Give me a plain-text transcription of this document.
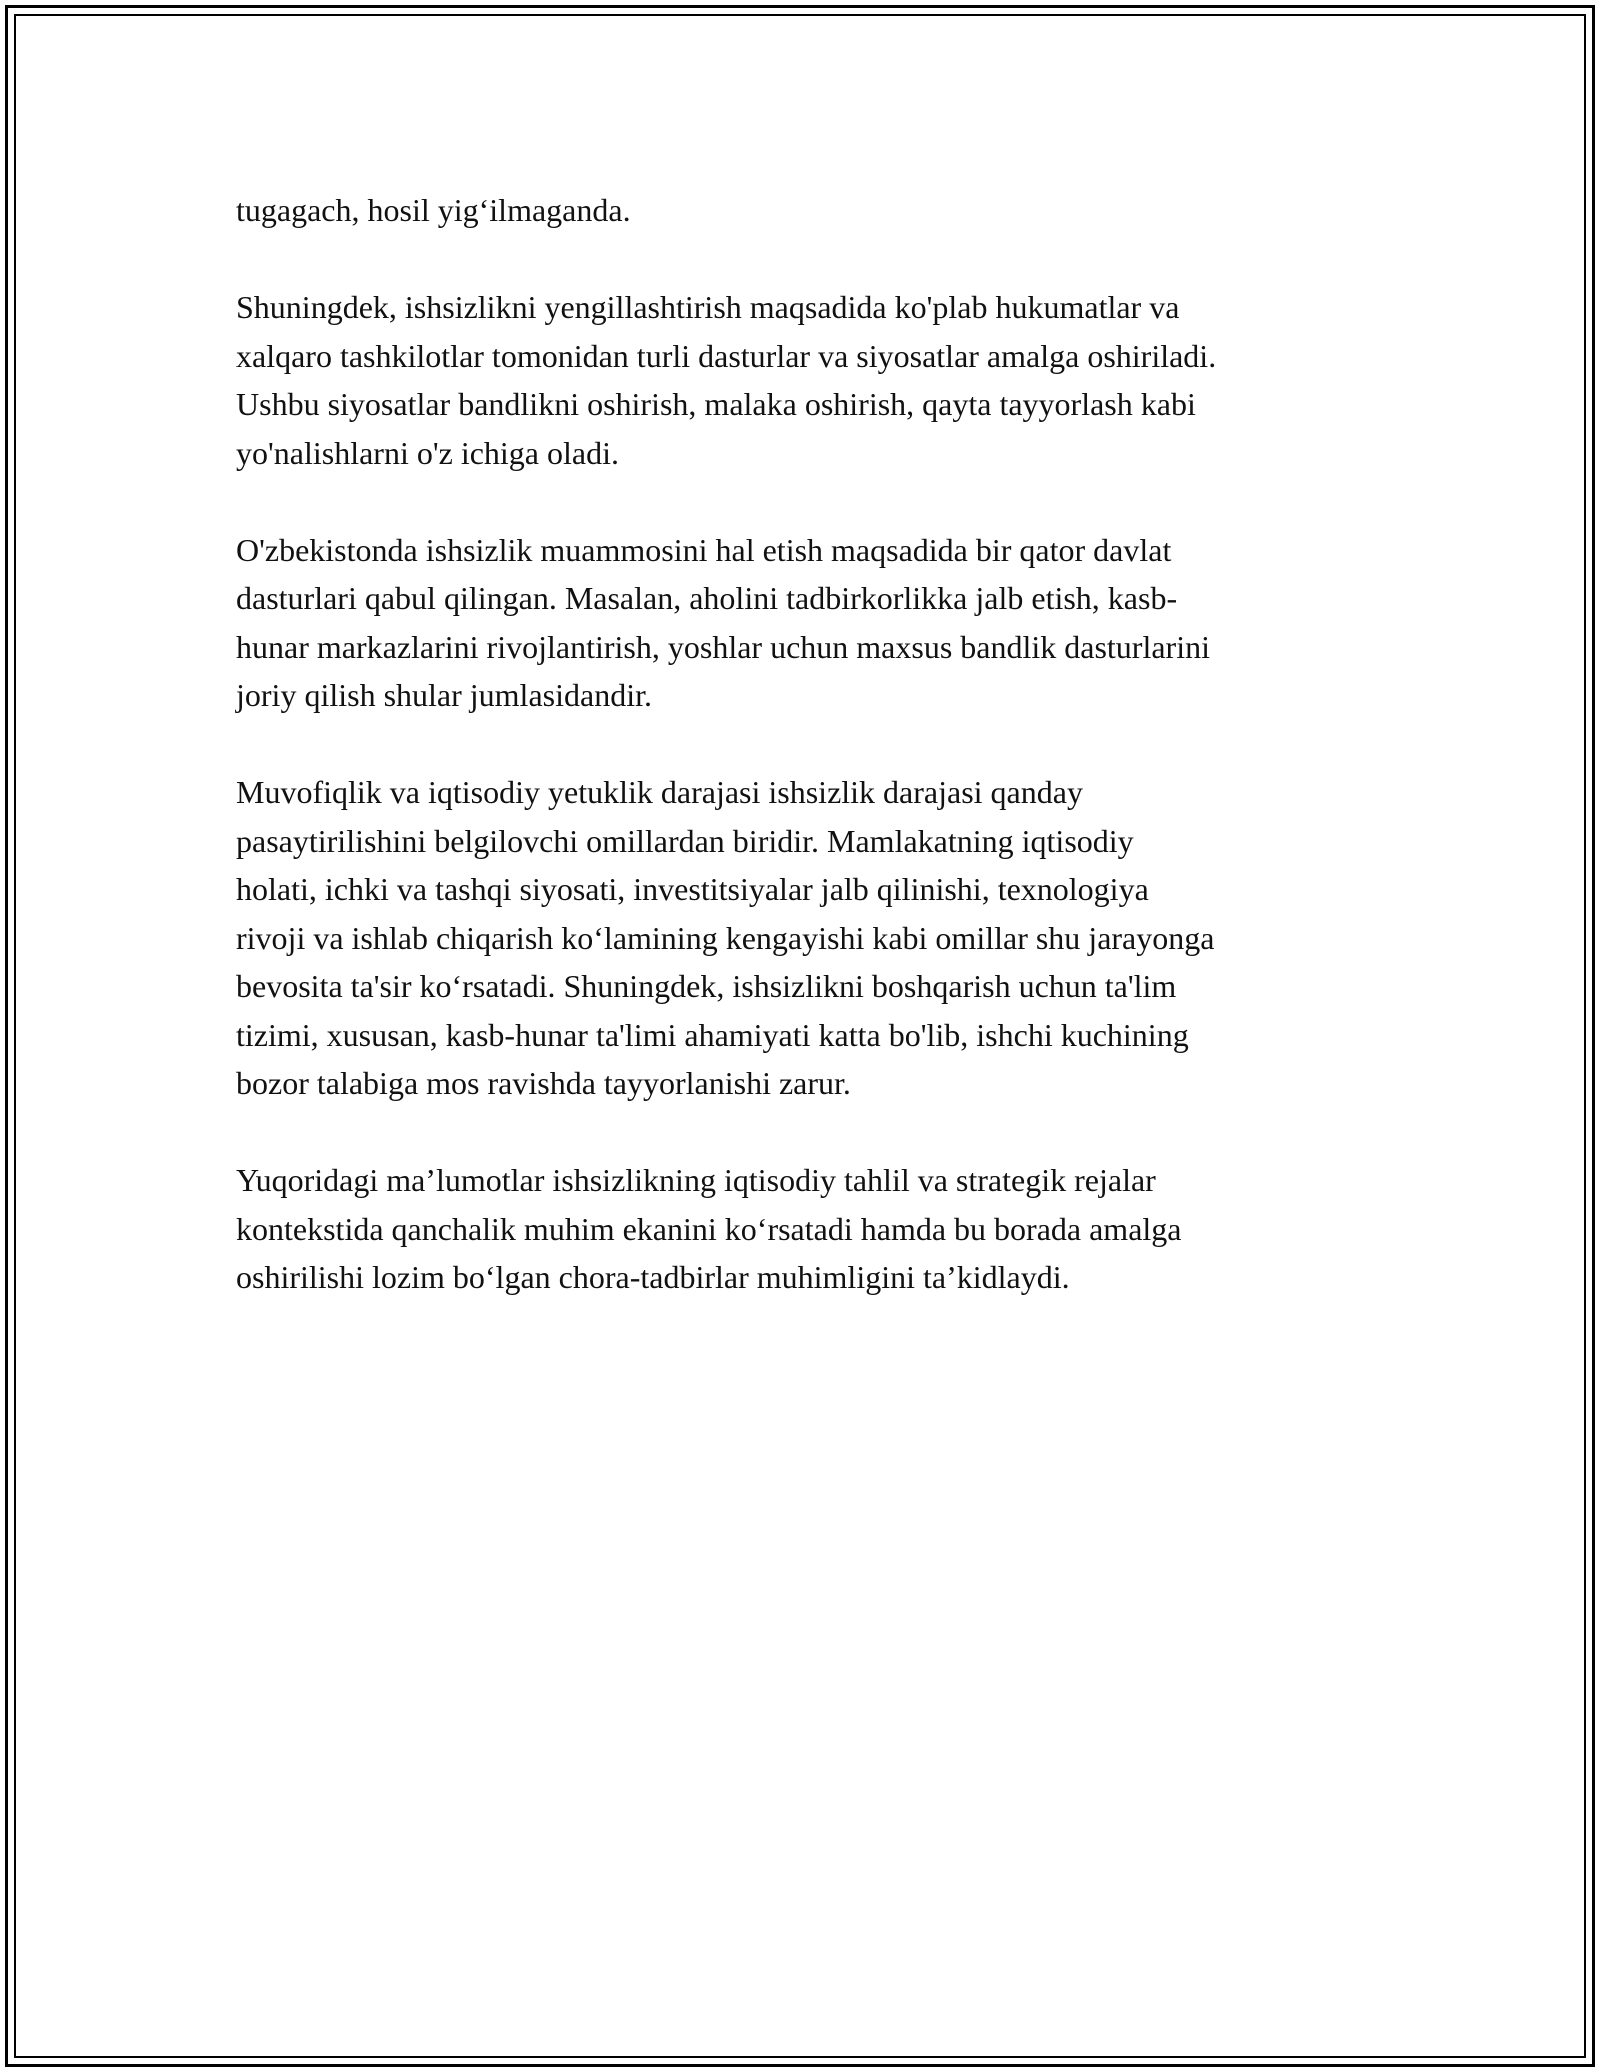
tugagach, hosil yig‘ilmaganda.

Shuningdek, ishsizlikni yengillashtirish maqsadida ko'plab hukumatlar va
xalqaro tashkilotlar tomonidan turli dasturlar va siyosatlar amalga oshiriladi.
Ushbu siyosatlar bandlikni oshirish, malaka oshirish, qayta tayyorlash kabi
yo'nalishlarni o'z ichiga oladi.

O'zbekistonda ishsizlik muammosini hal etish maqsadida bir qator davlat
dasturlari qabul qilingan. Masalan, aholini tadbirkorlikka jalb etish, kasb-
hunar markazlarini rivojlantirish, yoshlar uchun maxsus bandlik dasturlarini
joriy qilish shular jumlasidandir.

Muvofiqlik va iqtisodiy yetuklik darajasi ishsizlik darajasi qanday
pasaytirilishini belgilovchi omillardan biridir. Mamlakatning iqtisodiy
holati, ichki va tashqi siyosati, investitsiyalar jalb qilinishi, texnologiya
rivoji va ishlab chiqarish ko‘lamining kengayishi kabi omillar shu jarayonga
bevosita ta'sir ko‘rsatadi. Shuningdek, ishsizlikni boshqarish uchun ta'lim
tizimi, xususan, kasb-hunar ta'limi ahamiyati katta bo'lib, ishchi kuchining
bozor talabiga mos ravishda tayyorlanishi zarur.

Yuqoridagi ma’lumotlar ishsizlikning iqtisodiy tahlil va strategik rejalar
kontekstida qanchalik muhim ekanini ko‘rsatadi hamda bu borada amalga
oshirilishi lozim bo‘lgan chora-tadbirlar muhimligini ta’kidlaydi.
